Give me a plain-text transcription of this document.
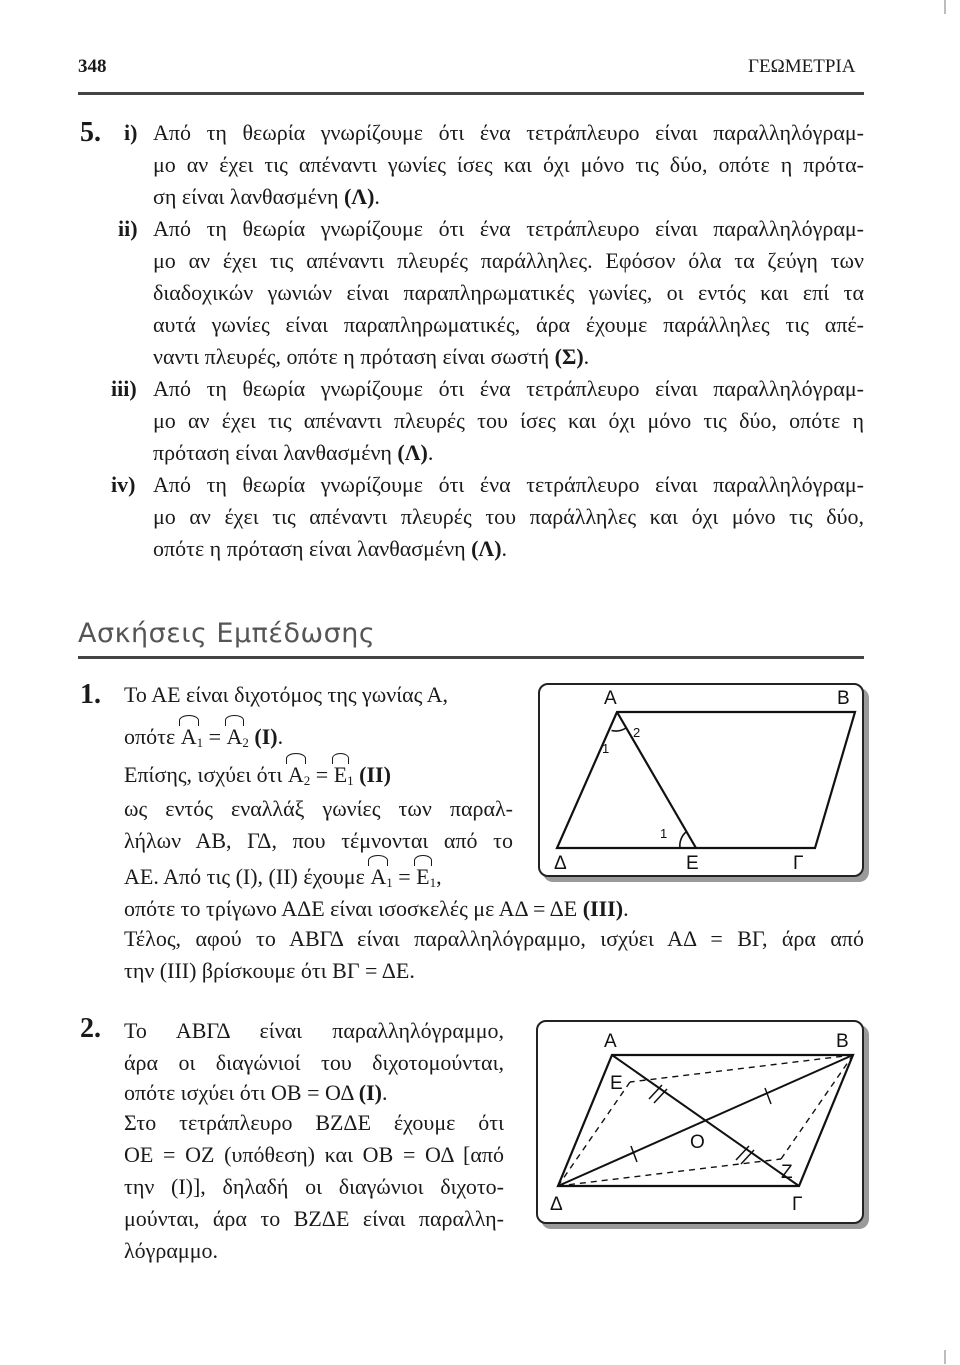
348	ΓΕΩΜΕΤΡΙΑ
5. i) Από τη θεωρία γνωρίζουμε ότι ένα τετράπλευρο είναι παραλληλόγραμ-
μο αν έχει τις απέναντι γωνίες ίσες και όχι μόνο τις δύο, οπότε η πρότα-
ση είναι λανθασμένη (Λ).
ii) Από τη θεωρία γνωρίζουμε ότι ένα τετράπλευρο είναι παραλληλόγραμ-
μο αν έχει τις απέναντι πλευρές παράλληλες. Εφόσον όλα τα ζεύγη των
διαδοχικών γωνιών είναι παραπληρωματικές γωνίες, οι εντός και επί τα
αυτά γωνίες είναι παραπληρωματικές, άρα έχουμε παράλληλες τις απέ-
ναντι πλευρές, οπότε η πρόταση είναι σωστή (Σ).
iii) Από τη θεωρία γνωρίζουμε ότι ένα τετράπλευρο είναι παραλληλόγραμ-
μο αν έχει τις απέναντι πλευρές του ίσες και όχι μόνο τις δύο, οπότε η
πρόταση είναι λανθασμένη (Λ).
iv) Από τη θεωρία γνωρίζουμε ότι ένα τετράπλευρο είναι παραλληλόγραμ-
μο αν έχει τις απέναντι πλευρές του παράλληλες και όχι μόνο τις δύο,
οπότε η πρόταση είναι λανθασμένη (Λ).
Ασκήσεις Εμπέδωσης
1. Το ΑΕ είναι διχοτόμος της γωνίας Α,
οπότε $A_1 = A_2$ (Ι).
Επίσης, ισχύει ότι $A_2 = E_1$ (ΙΙ)
ως εντός εναλλάξ γωνίες των παραλ-
λήλων ΑΒ, ΓΔ, που τέμνονται από το
ΑΕ. Από τις (Ι), (ΙΙ) έχουμε $A_1 = E_1$,
οπότε το τρίγωνο ΑΔΕ είναι ισοσκελές με ΑΔ = ΔΕ (ΙΙΙ).
Τέλος, αφού το ΑΒΓΔ είναι παραλληλόγραμμο, ισχύει ΑΔ = ΒΓ, άρα από
την (ΙΙΙ) βρίσκουμε ότι ΒΓ = ΔΕ.
Α	Β
Δ	Ε	Γ
1
2
1
2. Το ΑΒΓΔ είναι παραλληλόγραμμο,
άρα οι διαγώνιοί του διχοτομούνται,
οπότε ισχύει ότι ΟΒ = ΟΔ (Ι).
Στο τετράπλευρο ΒΖΔΕ έχουμε ότι
ΟΕ = ΟΖ (υπόθεση) και ΟΒ = ΟΔ [από
την (Ι)], δηλαδή οι διαγώνιοι διχοτο-
μούνται, άρα το ΒΖΔΕ είναι παραλλη-
λόγραμμο.
Α	Β
Δ	Γ
Ε
Ο
Ζ
